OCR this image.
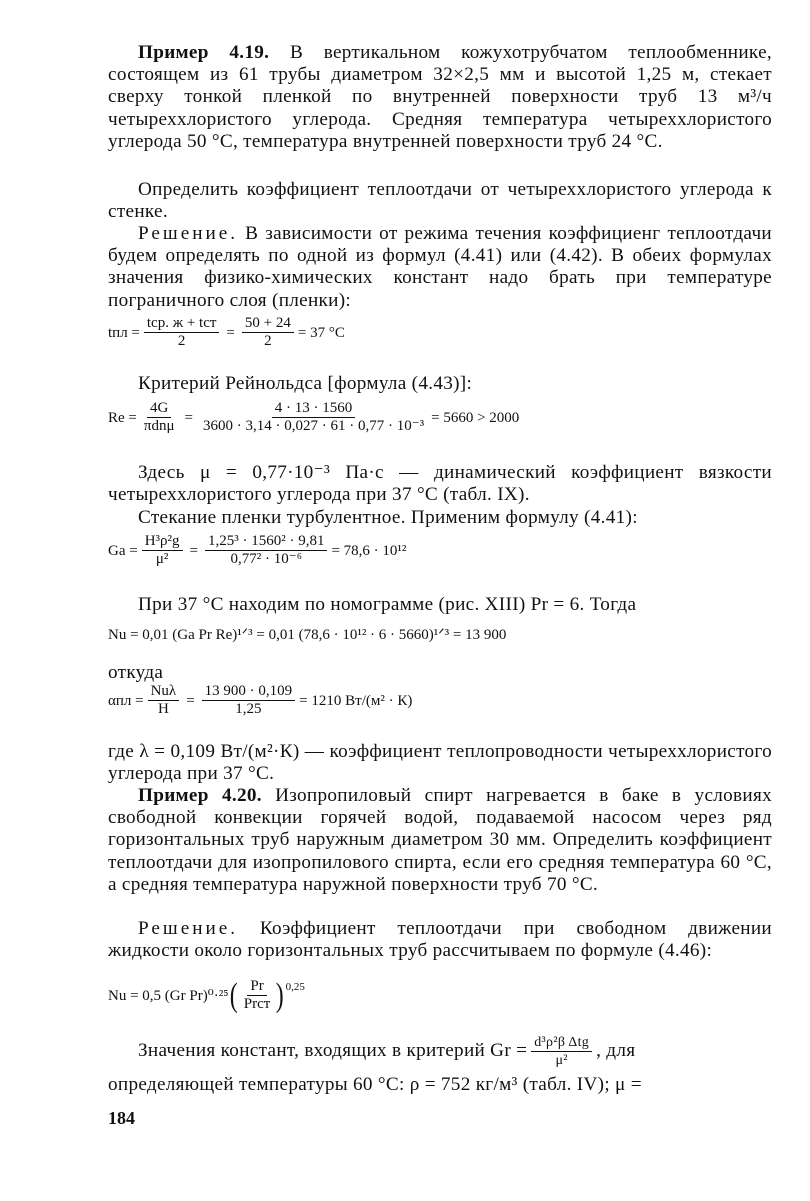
Пример 4.19. В вертикальном кожухотрубчатом теплообменнике, состоящем из 61 трубы диаметром 32×2,5 мм и высотой 1,25 м, стекает сверху тонкой пленкой по внутренней поверхности труб 13 м³/ч четыреххлористого углерода. Средняя температура четыреххлористого углерода 50 °С, температура внутренней поверхности труб 24 °С.

Определить коэффициент теплоотдачи от четыреххлористого углерода к стенке.

Решение. В зависимости от режима течения коэффициенг теплоотдачи будем определять по одной из формул (4.41) или (4.42). В обеих формулах значения физико-химических констант надо брать при температуре пограничного слоя (пленки):

tпл = $\frac{\text{tср. ж + tст}}{2} = \frac{50 + 24}{2} = 37$ °С

Критерий Рейнольдса [формула (4.43)]:

$Re = \frac{4G}{\text{πdnμ}} = \frac{4 \cdot 13 \cdot 1560}{\text{3600 · 3,14 · 0,027 · 61 · 0,77 · 10⁻³}} = 5660 > 2000$

Здесь μ = 0,77·10⁻³ Па·с — динамический коэффициент вязкости четыреххлористого углерода при 37 °С (табл. IX).

Стекание пленки турбулентное. Применим формулу (4.41):

$Ga = \frac{\text{H³ρ²g}}{\text{μ²}} = \frac{\text{1,25³ · 1560² · 9,81}}{\text{0,77² · 10⁻⁶}} = 78,6 \cdot 10^{12}$

При 37 °С находим по номограмме (рис. XIII) Pr = 6. Тогда

Nu = 0,01 (Ga Pr Re)¹ᐟ³ = 0,01 (78,6 · 10¹² · 6 · 5660)¹ᐟ³ = 13 900

откуда

$\alpha пл = \frac{\text{Nuλ}}{H} = \frac{13 900 \cdot 0,109}{1,25} = 1210$ Вт/(м² · К)

где λ = 0,109 Вт/(м²·К) — коэффициент теплопроводности четыреххлористого углерода при 37 °С.

Пример 4.20. Изопропиловый спирт нагревается в баке в условиях свободной конвекции горячей водой, подаваемой насосом через ряд горизонтальных труб наружным диаметром 30 мм. Определить коэффициент теплоотдачи для изопропилового спирта, если его средняя температура 60 °С, а средняя температура наружной поверхности труб 70 °С.

Решение. Коэффициент теплоотдачи при свободном движении жидкости около горизонтальных труб рассчитываем по формуле (4.46):

Nu = 0,5 (Gr Pr)⁰·²⁵ ( $\frac{Pr}{\text{Prст}}$ ) 0,25
Значения констант, входящих в критерий $Gr = \frac{\text{d³ρ²β Δtg}}{\text{μ²}}$ , для

определяющей температуры 60 °С: ρ = 752 кг/м³ (табл. IV); μ =

184
